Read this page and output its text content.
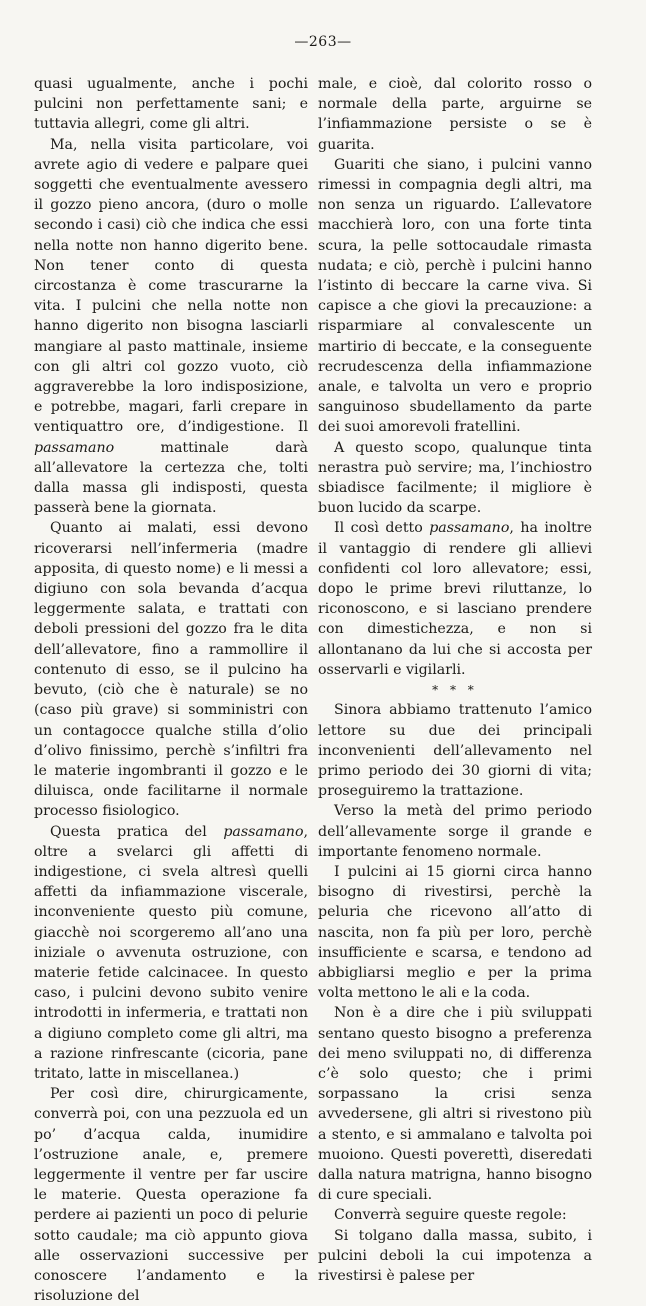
—263—

quasi ugualmente, anche i pochi pulcini non perfettamente sani; e tuttavia allegri, come gli altri.

Ma, nella visita particolare, voi avrete agio di vedere e palpare quei soggetti che eventualmente avessero il gozzo pieno ancora, (duro o molle secondo i casi) ciò che indica che essi nella notte non hanno digerito bene. Non tener conto di questa circostanza è come trascurarne la vita. I pulcini che nella notte non hanno digerito non bisogna lasciarli mangiare al pasto mattinale, insieme con gli altri col gozzo vuoto, ciò aggraverebbe la loro indisposizione, e potrebbe, magari, farli crepare in ventiquattro ore, d’indigestione. Il passamano mattinale darà all’allevatore la certezza che, tolti dalla massa gli indisposti, questa passerà bene la giornata.

Quanto ai malati, essi devono ricoverarsi nell’infermeria (madre apposita, di questo nome) e li messi a digiuno con sola bevanda d’acqua leggermente salata, e trattati con deboli pressioni del gozzo fra le dita dell’allevatore, fino a rammollire il contenuto di esso, se il pulcino ha bevuto, (ciò che è naturale) se no (caso più grave) si somministri con un contagocce qualche stilla d’olio d’olivo finissimo, perchè s’infiltri fra le materie ingombranti il gozzo e le diluisca, onde facilitarne il normale processo fisiologico.

Questa pratica del passamano, oltre a svelarci gli affetti di indigestione, ci svela altresì quelli affetti da infiammazione viscerale, inconveniente questo più comune, giacchè noi scorgeremo all’ano una iniziale o avvenuta ostruzione, con materie fetide calcinacee. In questo caso, i pulcini devono subito venire introdotti in infermeria, e trattati non a digiuno completo come gli altri, ma a razione rinfrescante (cicoria, pane tritato, latte in miscellanea.)

Per così dire, chirurgicamente, converrà poi, con una pezzuola ed un po’ d’acqua calda, inumidire l’ostruzione anale, e, premere leggermente il ventre per far uscire le materie. Questa operazione fa perdere ai pazienti un poco di pelurie sotto caudale; ma ciò appunto giova alle osservazioni successive per conoscere l’andamento e la risoluzione del

male, e cioè, dal colorito rosso o normale della parte, arguirne se l’infiammazione persiste o se è guarita.

Guariti che siano, i pulcini vanno rimessi in compagnia degli altri, ma non senza un riguardo. L’allevatore macchierà loro, con una forte tinta scura, la pelle sottocaudale rimasta nudata; e ciò, perchè i pulcini hanno l’istinto di beccare la carne viva. Si capisce a che giovi la precauzione: a risparmiare al convalescente un martirio di beccate, e la conseguente recrudescenza della infiammazione anale, e talvolta un vero e proprio sanguinoso sbudellamento da parte dei suoi amorevoli fratellini.

A questo scopo, qualunque tinta nerastra può servire; ma, l’inchiostro sbiadisce facilmente; il migliore è buon lucido da scarpe.

Il così detto passamano, ha inoltre il vantaggio di rendere gli allievi confidenti col loro allevatore; essi, dopo le prime brevi riluttanze, lo riconoscono, e si lasciano prendere con dimestichezza, e non si allontanano da lui che si accosta per osservarli e vigilarli.

* * *

Sinora abbiamo trattenuto l’amico lettore su due dei principali inconvenienti dell’allevamento nel primo periodo dei 30 giorni di vita; proseguiremo la trattazione.

Verso la metà del primo periodo dell’allevamente sorge il grande e importante fenomeno normale.

I pulcini ai 15 giorni circa hanno bisogno di rivestirsi, perchè la peluria che ricevono all’atto di nascita, non fa più per loro, perchè insufficiente e scarsa, e tendono ad abbigliarsi meglio e per la prima volta mettono le ali e la coda.

Non è a dire che i più sviluppati sentano questo bisogno a preferenza dei meno sviluppati no, di differenza c’è solo questo; che i primi sorpassano la crisi senza avvedersene, gli altri si rivestono più a stento, e si ammalano e talvolta poi muoiono. Questi poverettì, diseredati dalla natura matrigna, hanno bisogno di cure speciali.

Converrà seguire queste regole:

Si tolgano dalla massa, subito, i pulcini deboli la cui impotenza a rivestirsi è palese per
